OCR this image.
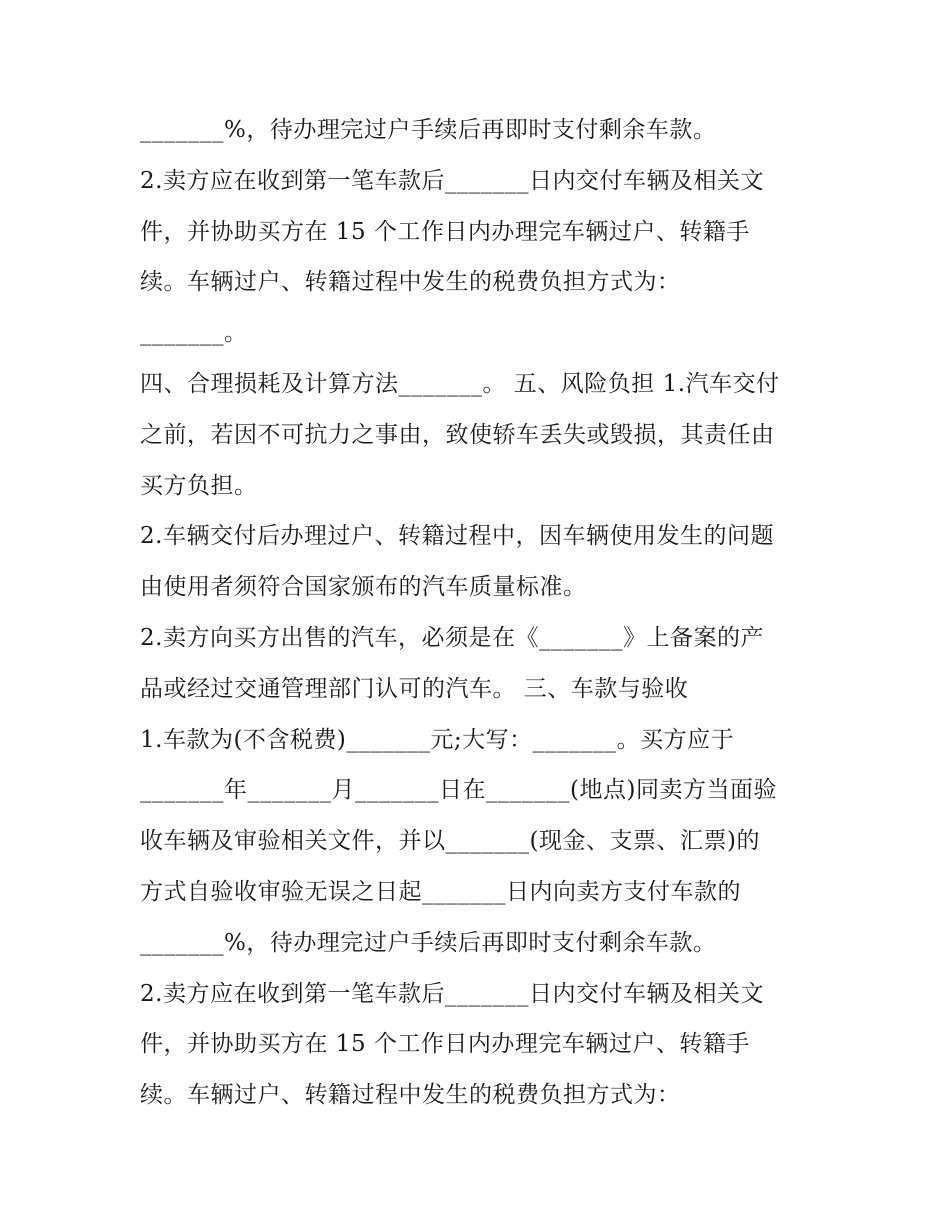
_______%，待办理完过户手续后再即时支付剩余车款。
2.卖方应在收到第一笔车款后_______日内交付车辆及相关文
件，并协助买方在 15 个工作日内办理完车辆过户、转籍手
续。车辆过户、转籍过程中发生的税费负担方式为：
_______。
四、合理损耗及计算方法_______。 五、风险负担 1.汽车交付
之前，若因不可抗力之事由，致使轿车丢失或毁损，其责任由
买方负担。
2.车辆交付后办理过户、转籍过程中，因车辆使用发生的问题
由使用者须符合国家颁布的汽车质量标准。
2.卖方向买方出售的汽车，必须是在《_______》上备案的产
品或经过交通管理部门认可的汽车。 三、车款与验收
1.车款为(不含税费)_______元;大写：_______。买方应于
_______年_______月_______日在_______(地点)同卖方当面验
收车辆及审验相关文件，并以_______(现金、支票、汇票)的
方式自验收审验无误之日起_______日内向卖方支付车款的
_______%，待办理完过户手续后再即时支付剩余车款。
2.卖方应在收到第一笔车款后_______日内交付车辆及相关文
件，并协助买方在 15 个工作日内办理完车辆过户、转籍手
续。车辆过户、转籍过程中发生的税费负担方式为：
